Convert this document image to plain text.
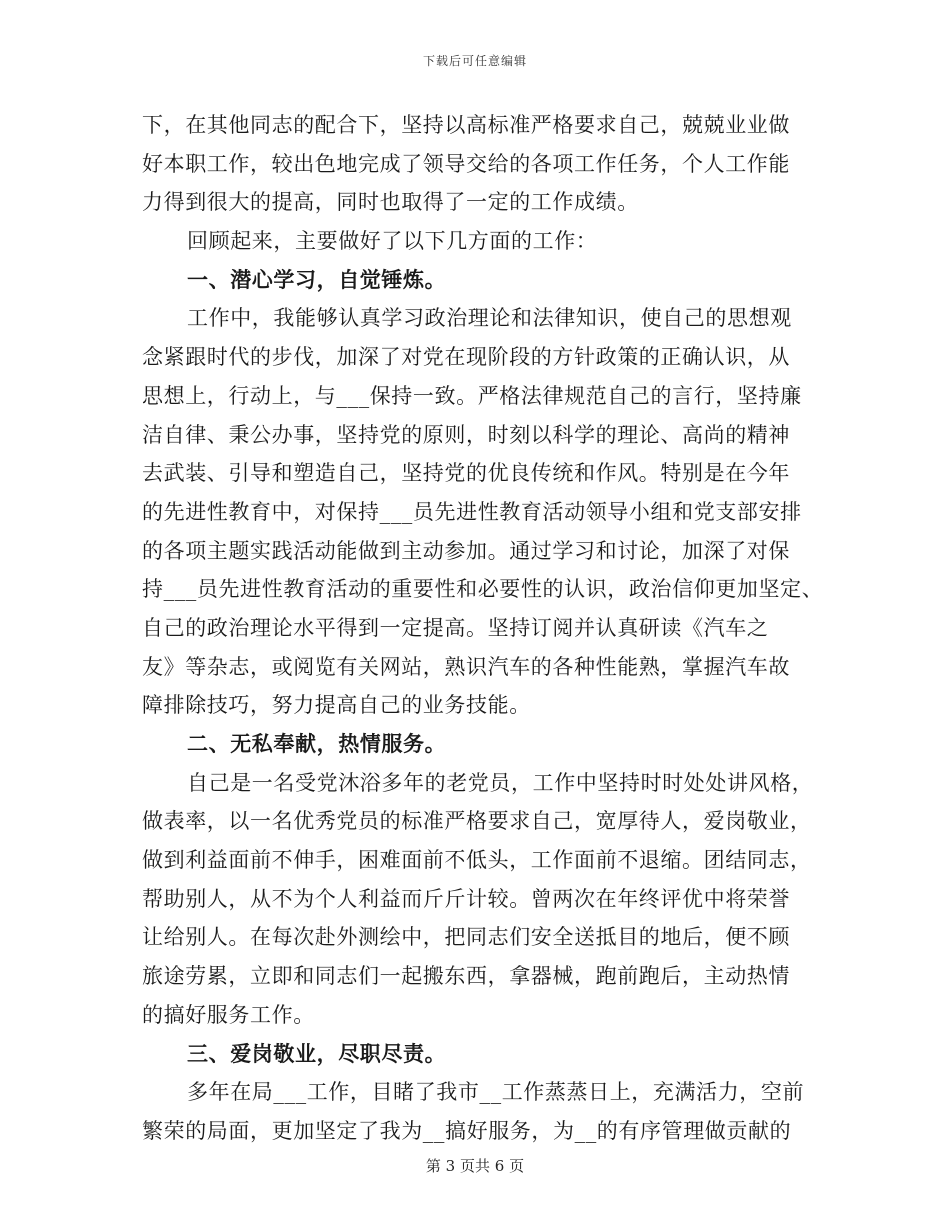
下载后可任意编辑
下，在其他同志的配合下，坚持以高标准严格要求自己，兢兢业业做
好本职工作，较出色地完成了领导交给的各项工作任务，个人工作能
力得到很大的提高，同时也取得了一定的工作成绩。
回顾起来，主要做好了以下几方面的工作：
一、潜心学习，自觉锤炼。
工作中，我能够认真学习政治理论和法律知识，使自己的思想观
念紧跟时代的步伐，加深了对党在现阶段的方针政策的正确认识，从
思想上，行动上，与___保持一致。严格法律规范自己的言行，坚持廉
洁自律、秉公办事，坚持党的原则，时刻以科学的理论、高尚的精神
去武装、引导和塑造自己，坚持党的优良传统和作风。特别是在今年
的先进性教育中，对保持___员先进性教育活动领导小组和党支部安排
的各项主题实践活动能做到主动参加。通过学习和讨论，加深了对保
持___员先进性教育活动的重要性和必要性的认识，政治信仰更加坚定、
自己的政治理论水平得到一定提高。坚持订阅并认真研读《汽车之
友》等杂志，或阅览有关网站，熟识汽车的各种性能熟，掌握汽车故
障排除技巧，努力提高自己的业务技能。
二、无私奉献，热情服务。
自己是一名受党沐浴多年的老党员，工作中坚持时时处处讲风格，
做表率，以一名优秀党员的标准严格要求自己，宽厚待人，爱岗敬业，
做到利益面前不伸手，困难面前不低头，工作面前不退缩。团结同志，
帮助别人，从不为个人利益而斤斤计较。曾两次在年终评优中将荣誉
让给别人。在每次赴外测绘中，把同志们安全送抵目的地后，便不顾
旅途劳累，立即和同志们一起搬东西，拿器械，跑前跑后，主动热情
的搞好服务工作。
三、爱岗敬业，尽职尽责。
多年在局___工作，目睹了我市__工作蒸蒸日上，充满活力，空前
繁荣的局面，更加坚定了我为__搞好服务，为__的有序管理做贡献的
第 3 页共 6 页
